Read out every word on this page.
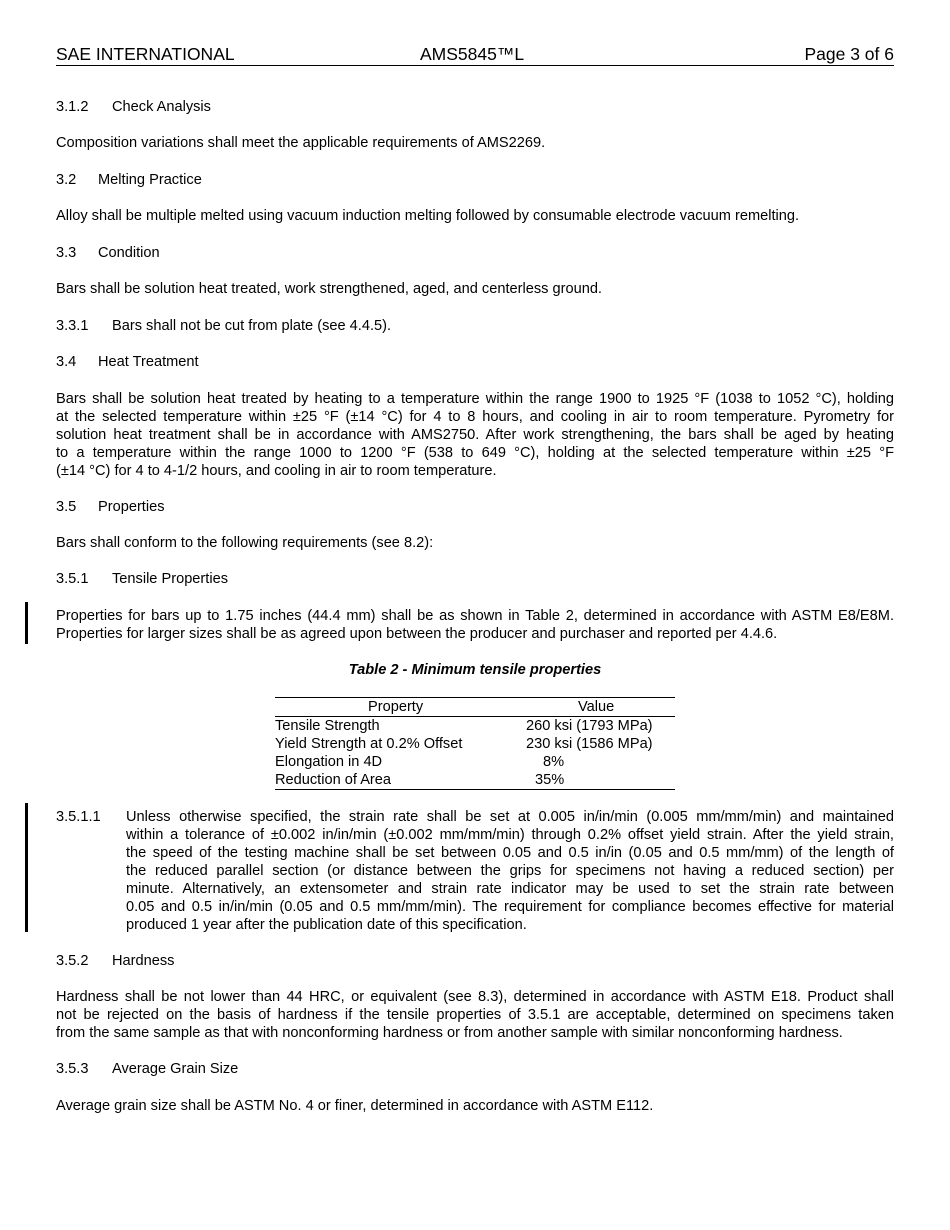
SAE INTERNATIONAL	AMS5845™L	Page 3 of 6
3.1.2 Check Analysis
Composition variations shall meet the applicable requirements of AMS2269.
3.2 Melting Practice
Alloy shall be multiple melted using vacuum induction melting followed by consumable electrode vacuum remelting.
3.3 Condition
Bars shall be solution heat treated, work strengthened, aged, and centerless ground.
3.3.1 Bars shall not be cut from plate (see 4.4.5).
3.4 Heat Treatment
Bars shall be solution heat treated by heating to a temperature within the range 1900 to 1925 °F (1038 to 1052 °C), holding
at the selected temperature within ±25 °F (±14 °C) for 4 to 8 hours, and cooling in air to room temperature. Pyrometry for
solution heat treatment shall be in accordance with AMS2750. After work strengthening, the bars shall be aged by heating
to a temperature within the range 1000 to 1200 °F (538 to 649 °C), holding at the selected temperature within ±25 °F
(±14 °C) for 4 to 4-1/2 hours, and cooling in air to room temperature.
3.5 Properties
Bars shall conform to the following requirements (see 8.2):
3.5.1 Tensile Properties
Properties for bars up to 1.75 inches (44.4 mm) shall be as shown in Table 2, determined in accordance with ASTM E8/E8M.
Properties for larger sizes shall be as agreed upon between the producer and purchaser and reported per 4.4.6.
Table 2 - Minimum tensile properties
Property	Value
Tensile Strength	260 ksi (1793 MPa)
Yield Strength at 0.2% Offset	230 ksi (1586 MPa)
Elongation in 4D	8%
Reduction of Area	35%
3.5.1.1 Unless otherwise specified, the strain rate shall be set at 0.005 in/in/min (0.005 mm/mm/min) and maintained
within a tolerance of ±0.002 in/in/min (±0.002 mm/mm/min) through 0.2% offset yield strain. After the yield strain,
the speed of the testing machine shall be set between 0.05 and 0.5 in/in (0.05 and 0.5 mm/mm) of the length of
the reduced parallel section (or distance between the grips for specimens not having a reduced section) per
minute. Alternatively, an extensometer and strain rate indicator may be used to set the strain rate between
0.05 and 0.5 in/in/min (0.05 and 0.5 mm/mm/min). The requirement for compliance becomes effective for material
produced 1 year after the publication date of this specification.
3.5.2 Hardness
Hardness shall be not lower than 44 HRC, or equivalent (see 8.3), determined in accordance with ASTM E18. Product shall
not be rejected on the basis of hardness if the tensile properties of 3.5.1 are acceptable, determined on specimens taken
from the same sample as that with nonconforming hardness or from another sample with similar nonconforming hardness.
3.5.3 Average Grain Size
Average grain size shall be ASTM No. 4 or finer, determined in accordance with ASTM E112.
